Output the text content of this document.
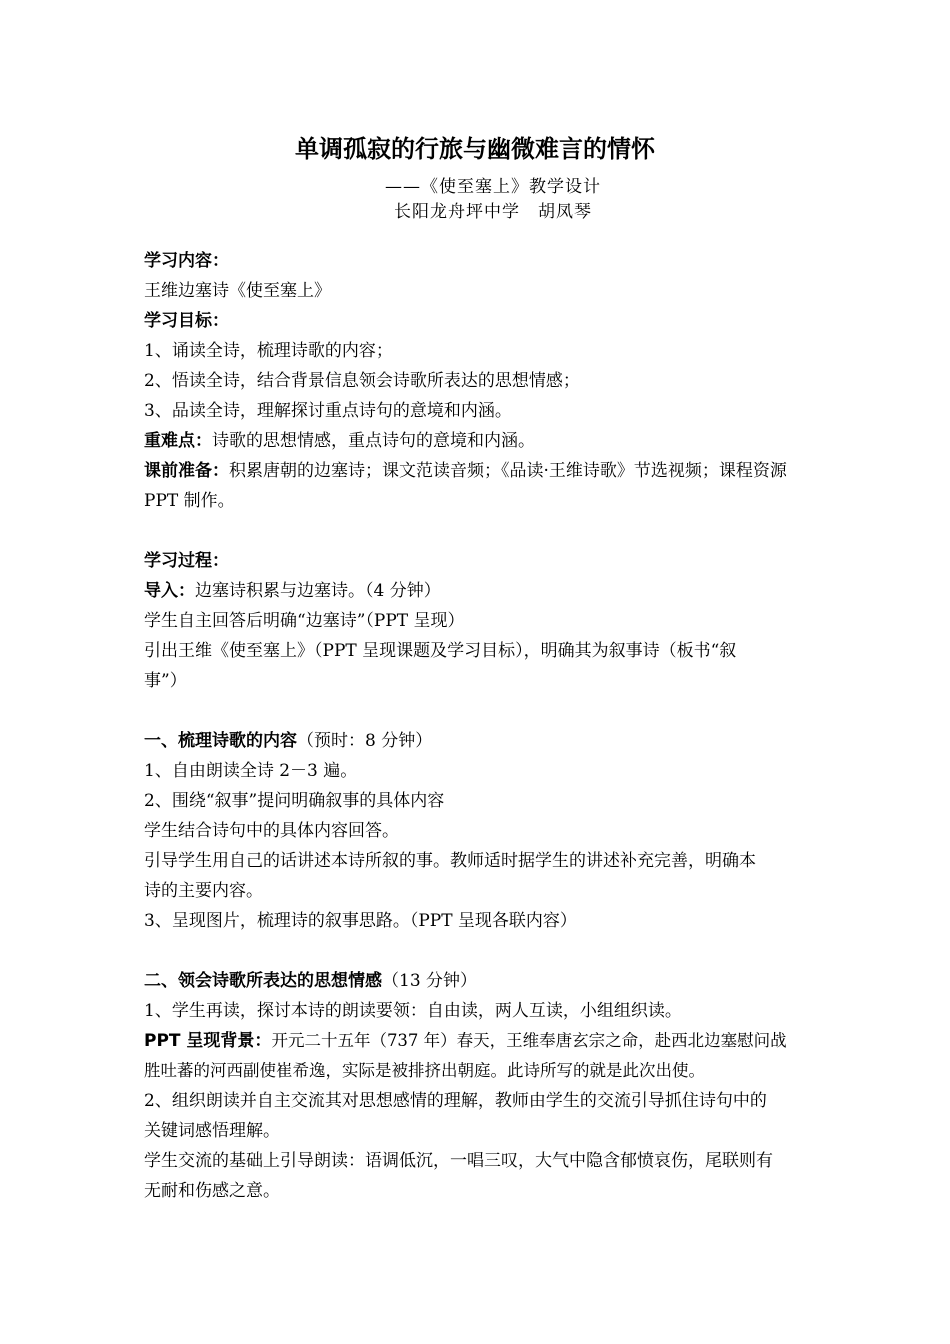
单调孤寂的行旅与幽微难言的情怀
——《使至塞上》教学设计
长阳龙舟坪中学　胡凤琴
学习内容：
王维边塞诗《使至塞上》
学习目标：
1、诵读全诗，梳理诗歌的内容；
2、悟读全诗，结合背景信息领会诗歌所表达的思想情感；
3、品读全诗，理解探讨重点诗句的意境和内涵。
重难点：诗歌的思想情感，重点诗句的意境和内涵。
课前准备：积累唐朝的边塞诗；课文范读音频；《品读·王维诗歌》节选视频；课程资源
PPT 制作。
学习过程：
导入：边塞诗积累与边塞诗。（4 分钟）
学生自主回答后明确“边塞诗”（PPT 呈现）
引出王维《使至塞上》（PPT 呈现课题及学习目标），明确其为叙事诗（板书“叙
事”）
一、梳理诗歌的内容（预时：8 分钟）
1、自由朗读全诗 2－3 遍。
2、围绕“叙事”提问明确叙事的具体内容
学生结合诗句中的具体内容回答。
引导学生用自己的话讲述本诗所叙的事。教师适时据学生的讲述补充完善，明确本
诗的主要内容。
3、呈现图片，梳理诗的叙事思路。（PPT 呈现各联内容）
二、领会诗歌所表达的思想情感（13 分钟）
1、学生再读，探讨本诗的朗读要领：自由读，两人互读，小组组织读。
PPT 呈现背景：开元二十五年（737 年）春天，王维奉唐玄宗之命，赴西北边塞慰问战
胜吐蕃的河西副使崔希逸，实际是被排挤出朝庭。此诗所写的就是此次出使。
2、组织朗读并自主交流其对思想感情的理解，教师由学生的交流引导抓住诗句中的
关键词感悟理解。
学生交流的基础上引导朗读：语调低沉，一唱三叹，大气中隐含郁愤哀伤，尾联则有
无耐和伤感之意。
